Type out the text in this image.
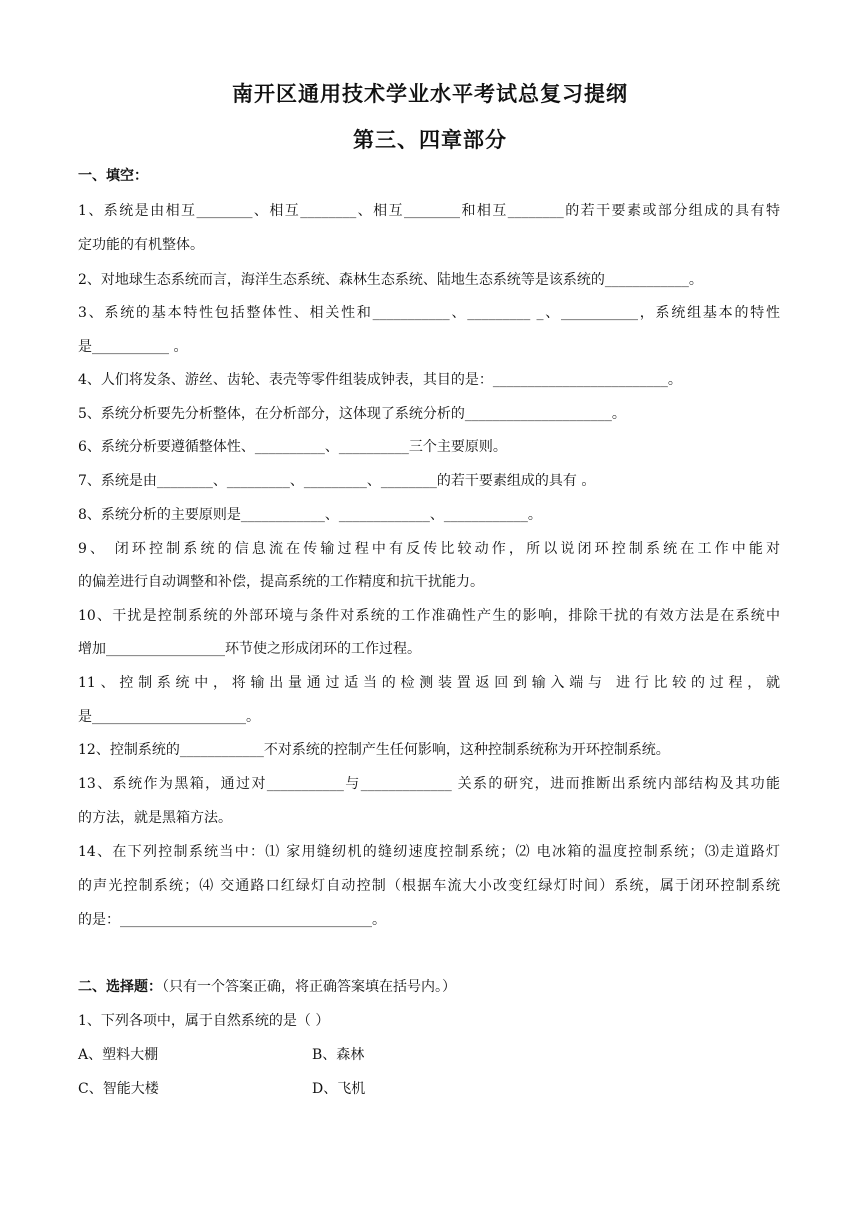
南开区通用技术学业水平考试总复习提纲
第三、四章部分
一、填空：
1、系统是由相互________、相互________、相互________和相互________的若干要素或部分组成的具有特
定功能的有机整体。
2、对地球生态系统而言，海洋生态系统、森林生态系统、陆地生态系统等是该系统的____________。
3、系统的基本特性包括整体性、相关性和___________、_________ _、___________，系统组基本的特性
是___________ 。
4、人们将发条、游丝、齿轮、表壳等零件组装成钟表，其目的是：_________________________。
5、系统分析要先分析整体，在分析部分，这体现了系统分析的_____________________。
6、系统分析要遵循整体性、__________、__________三个主要原则。
7、系统是由________、_________、_________、________的若干要素组成的具有 。
8、系统分析的主要原则是____________、_____________、____________。
9、 闭环控制系统的信息流在传输过程中有反传比较动作，所以说闭环控制系统在工作中能对
的偏差进行自动调整和补偿，提高系统的工作精度和抗干扰能力。
10、干扰是控制系统的外部环境与条件对系统的工作准确性产生的影响，排除干扰的有效方法是在系统中
增加_________________环节使之形成闭环的工作过程。
11、控制系统中，将输出量通过适当的检测装置返回到输入端与 进行比较的过程，就
是______________________。
12、控制系统的____________不对系统的控制产生任何影响，这种控制系统称为开环控制系统。
13、系统作为黑箱，通过对___________与_____________ 关系的研究，进而推断出系统内部结构及其功能
的方法，就是黑箱方法。
14、在下列控制系统当中：⑴ 家用缝纫机的缝纫速度控制系统；⑵ 电冰箱的温度控制系统；⑶走道路灯
的声光控制系统；⑷ 交通路口红绿灯自动控制（根据车流大小改变红绿灯时间）系统，属于闭环控制系统
的是：____________________________________。
二、选择题：（只有一个答案正确，将正确答案填在括号内。）
1、下列各项中，属于自然系统的是（ ）
A、塑料大棚	B、森林
C、智能大楼	D、飞机
